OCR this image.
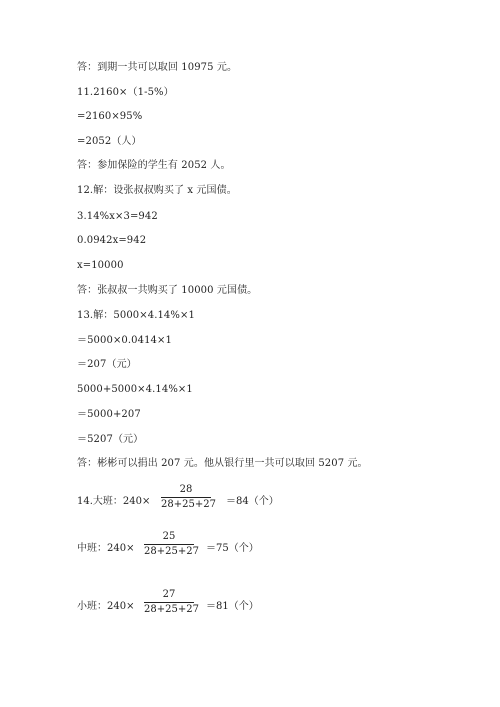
答：到期一共可以取回 10975 元。
11.2160×（1-5%）
=2160×95%
=2052（人）
答：参加保险的学生有 2052 人。
12.解：设张叔叔购买了 x 元国债。
3.14%x×3=942
0.0942x=942
x=10000
答：张叔叔一共购买了 10000 元国债。
13.解：5000×4.14%×1
＝5000×0.0414×1
＝207（元）
5000+5000×4.14%×1
＝5000+207
＝5207（元）
答：彬彬可以捐出 207 元。他从银行里一共可以取回 5207 元。
14.大班：240×
28
28+25+27 ＝84（个）
中班：240×
25
28+25+27 ＝75（个）
小班：240×
27
28+25+27 ＝81（个）
